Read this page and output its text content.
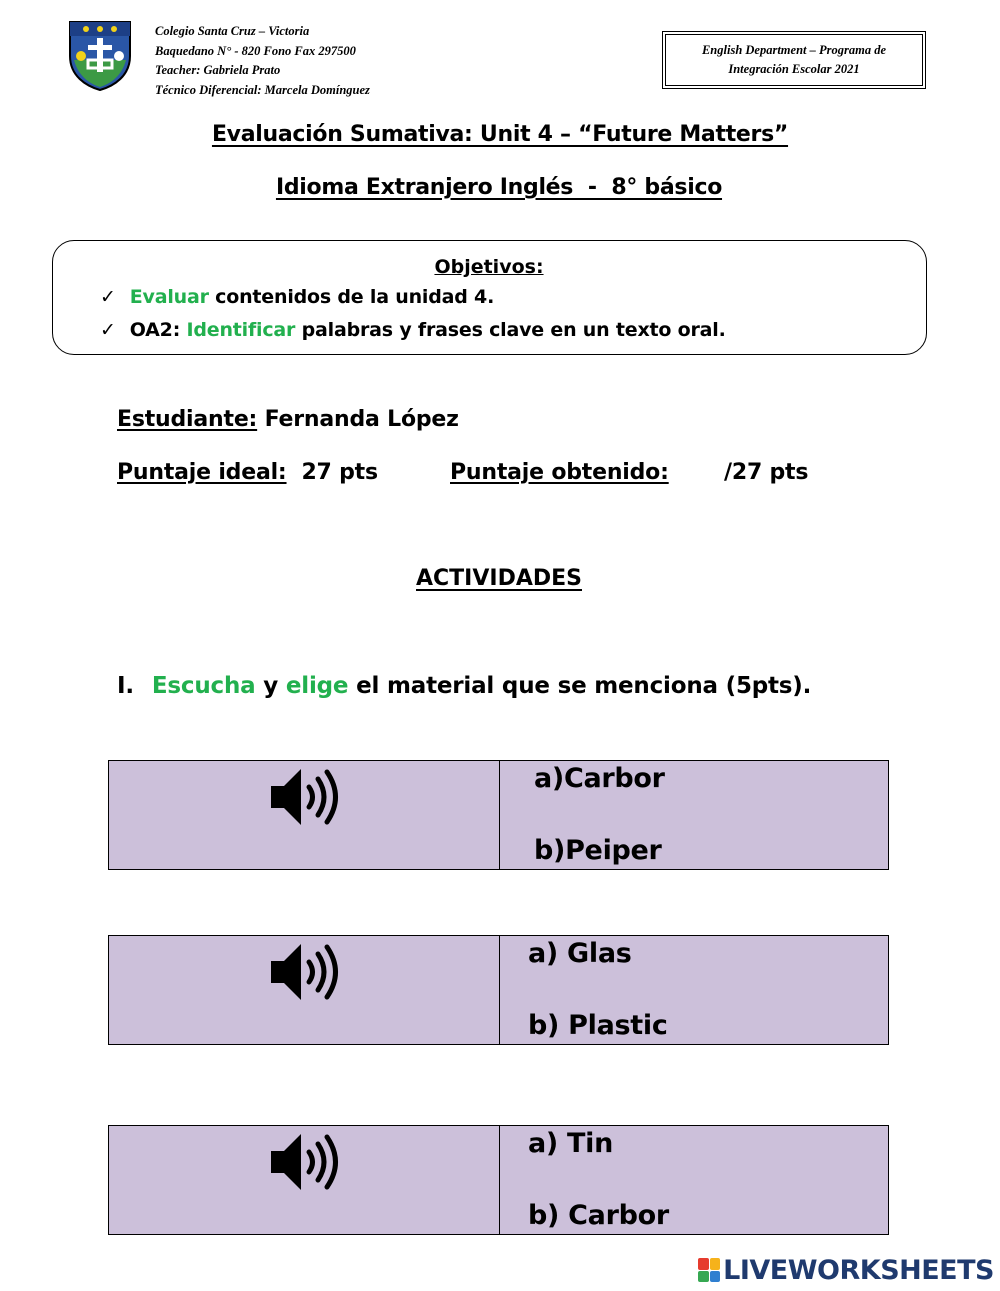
Colegio Santa Cruz – Victoria
Baquedano N° - 820 Fono Fax 297500
Teacher: Gabriela Prato
Técnico Diferencial: Marcela Domínguez
English Department – Programa de
Integración Escolar 2021
Evaluación Sumativa: Unit 4 – “Future Matters”
Idioma Extranjero Inglés  -  8° básico
Objetivos:
✓ Evaluar contenidos de la unidad 4.
✓ OA2: Identificar palabras y frases clave en un texto oral.
Estudiante: Fernanda López
Puntaje ideal: 27 pts	Puntaje obtenido:	/27 pts
ACTIVIDADES
I. Escucha y elige el material que se menciona (5pts).
a)Carbor
b)Peiper
a) Glas
b) Plastic
a) Tin
b) Carbor
LIVEWORKSHEETS
